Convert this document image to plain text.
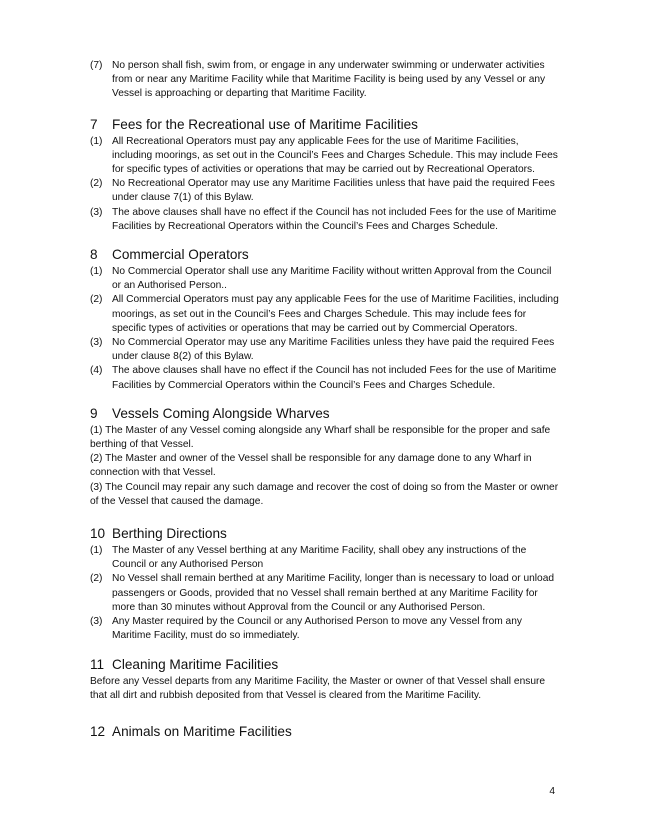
(7) No person shall fish, swim from, or engage in any underwater swimming or underwater activities from or near any Maritime Facility while that Maritime Facility is being used by any Vessel or any Vessel is approaching or departing that Maritime Facility.
7	Fees for the Recreational use of Maritime Facilities
(1) All Recreational Operators must pay any applicable Fees for the use of Maritime Facilities, including moorings, as set out in the Council’s Fees and Charges Schedule. This may include Fees for specific types of activities or operations that may be carried out by Recreational Operators.
(2) No Recreational Operator may use any Maritime Facilities unless that have paid the required Fees under clause 7(1) of this Bylaw.
(3) The above clauses shall have no effect if the Council has not included Fees for the use of Maritime Facilities by Recreational Operators within the Council’s Fees and Charges Schedule.
8	Commercial Operators
(1) No Commercial Operator shall use any Maritime Facility without written Approval from the Council or an Authorised Person..
(2) All Commercial Operators must pay any applicable Fees for the use of Maritime Facilities, including moorings, as set out in the Council’s Fees and Charges Schedule. This may include fees for specific types of activities or operations that may be carried out by Commercial Operators.
(3) No Commercial Operator may use any Maritime Facilities unless they have paid the required Fees under clause 8(2) of this Bylaw.
(4) The above clauses shall have no effect if the Council has not included Fees for the use of Maritime Facilities by Commercial Operators within the Council’s Fees and Charges Schedule.
9	Vessels Coming Alongside Wharves
(1) The Master of any Vessel coming alongside any Wharf shall be responsible for the proper and safe berthing of that Vessel.
(2) The Master and owner of the Vessel shall be responsible for any damage done to any Wharf in connection with that Vessel.
(3) The Council may repair any such damage and recover the cost of doing so from the Master or owner of the Vessel that caused the damage.
10 Berthing Directions
(1) The Master of any Vessel berthing at any Maritime Facility, shall obey any instructions of the Council or any Authorised Person
(2) No Vessel shall remain berthed at any Maritime Facility, longer than is necessary to load or unload passengers or Goods, provided that no Vessel shall remain berthed at any Maritime Facility for more than 30 minutes without Approval from the Council or any Authorised Person.
(3) Any Master required by the Council or any Authorised Person to move any Vessel from any Maritime Facility, must do so immediately.
11 Cleaning Maritime Facilities
Before any Vessel departs from any Maritime Facility, the Master or owner of that Vessel shall ensure that all dirt and rubbish deposited from that Vessel is cleared from the Maritime Facility.
12 Animals on Maritime Facilities
4
